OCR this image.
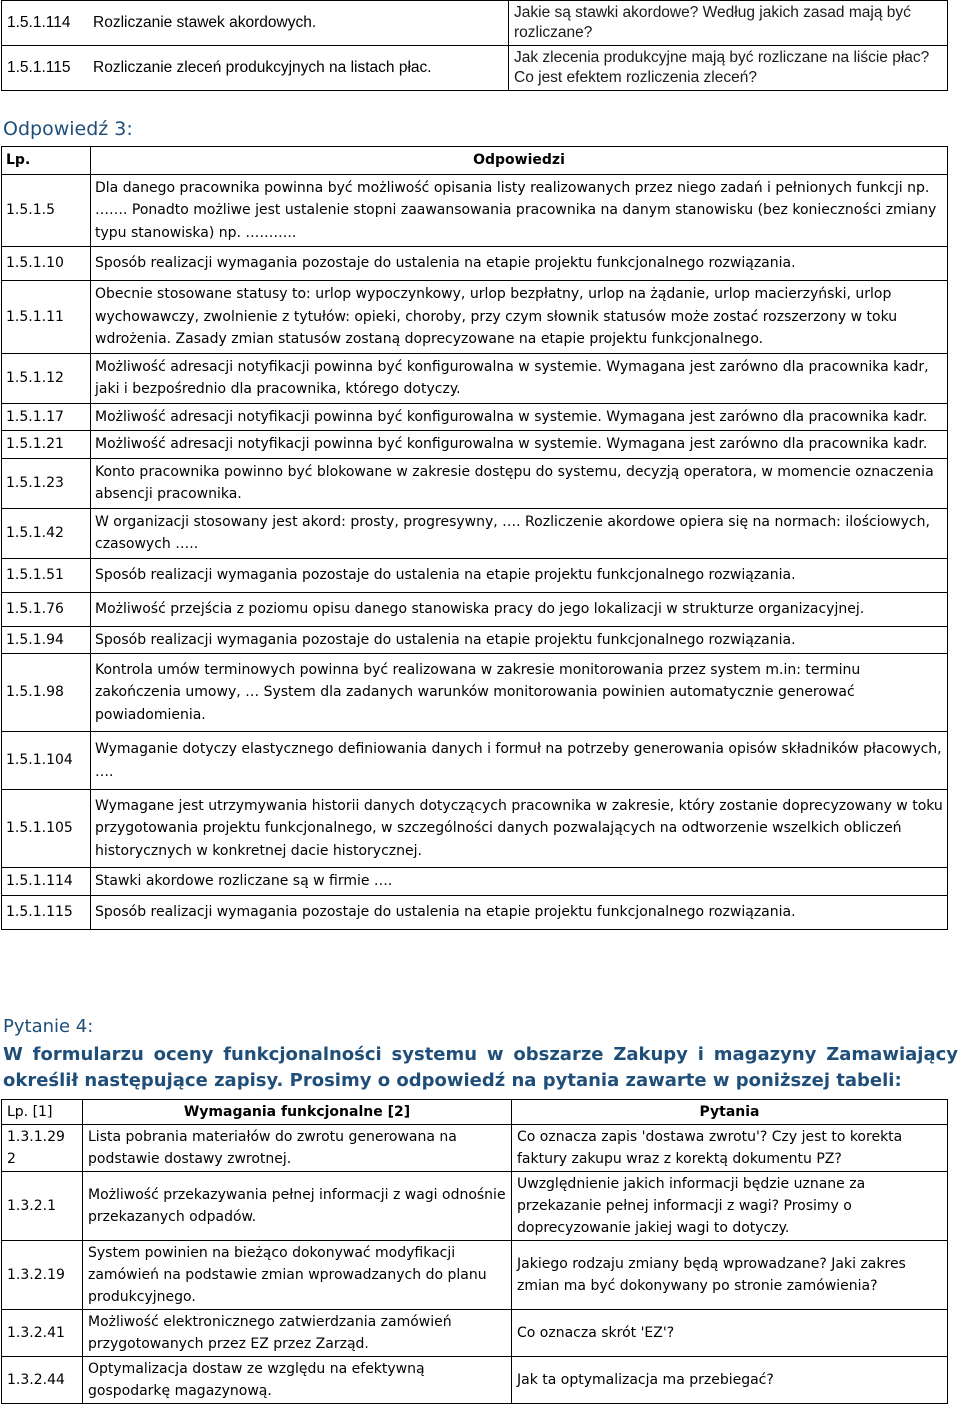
1.5.1.114	Rozliczanie stawek akordowych.	Jakie są stawki akordowe? Według jakich zasad mają być rozliczane?
1.5.1.115	Rozliczanie zleceń produkcyjnych na listach płac.	Jak zlecenia produkcyjne mają być rozliczane na liście płac? Co jest efektem rozliczenia zleceń?
Odpowiedź 3:
Lp.	Odpowiedzi
1.5.1.5	Dla danego pracownika powinna być możliwość opisania listy realizowanych przez niego zadań i pełnionych funkcji np. ……. Ponadto możliwe jest ustalenie stopni zaawansowania pracownika na danym stanowisku (bez konieczności zmiany typu stanowiska) np. ………..
1.5.1.10	Sposób realizacji wymagania pozostaje do ustalenia na etapie projektu funkcjonalnego rozwiązania.
1.5.1.11	Obecnie stosowane statusy to: urlop wypoczynkowy, urlop bezpłatny, urlop na żądanie, urlop macierzyński, urlop wychowawczy, zwolnienie z tytułów: opieki, choroby, przy czym słownik statusów może zostać rozszerzony w toku wdrożenia. Zasady zmian statusów zostaną doprecyzowane na etapie projektu funkcjonalnego.
1.5.1.12	Możliwość adresacji notyfikacji powinna być konfigurowalna w systemie. Wymagana jest zarówno dla pracownika kadr, jaki i bezpośrednio dla pracownika, którego dotyczy.
1.5.1.17	Możliwość adresacji notyfikacji powinna być konfigurowalna w systemie. Wymagana jest zarówno dla pracownika kadr.
1.5.1.21	Możliwość adresacji notyfikacji powinna być konfigurowalna w systemie. Wymagana jest zarówno dla pracownika kadr.
1.5.1.23	Konto pracownika powinno być blokowane w zakresie dostępu do systemu, decyzją operatora, w momencie oznaczenia absencji pracownika.
1.5.1.42	W organizacji stosowany jest akord: prosty, progresywny, …. Rozliczenie akordowe opiera się na normach: ilościowych, czasowych …..
1.5.1.51	Sposób realizacji wymagania pozostaje do ustalenia na etapie projektu funkcjonalnego rozwiązania.
1.5.1.76	Możliwość przejścia z poziomu opisu danego stanowiska pracy do jego lokalizacji w strukturze organizacyjnej.
1.5.1.94	Sposób realizacji wymagania pozostaje do ustalenia na etapie projektu funkcjonalnego rozwiązania.
1.5.1.98	Kontrola umów terminowych powinna być realizowana w zakresie monitorowania przez system m.in: terminu zakończenia umowy, … System dla zadanych warunków monitorowania powinien automatycznie generować powiadomienia.
1.5.1.104	Wymaganie dotyczy elastycznego definiowania danych i formuł na potrzeby generowania opisów składników płacowych, ….
1.5.1.105	Wymagane jest utrzymywania historii danych dotyczących pracownika w zakresie, który zostanie doprecyzowany w toku przygotowania projektu funkcjonalnego, w szczególności danych pozwalających na odtworzenie wszelkich obliczeń historycznych w konkretnej dacie historycznej.
1.5.1.114	Stawki akordowe rozliczane są w firmie ….
1.5.1.115	Sposób realizacji wymagania pozostaje do ustalenia na etapie projektu funkcjonalnego rozwiązania.
Pytanie 4:
W formularzu oceny funkcjonalności systemu w obszarze Zakupy i magazyny Zamawiający określił następujące zapisy. Prosimy o odpowiedź na pytania zawarte w poniższej tabeli:
Lp. [1]	Wymagania funkcjonalne [2]	Pytania
1.3.1.29 2	Lista pobrania materiałów do zwrotu generowana na podstawie dostawy zwrotnej.	Co oznacza zapis 'dostawa zwrotu'? Czy jest to korekta faktury zakupu wraz z korektą dokumentu PZ?
1.3.2.1	Możliwość przekazywania pełnej informacji z wagi odnośnie przekazanych odpadów.	Uwzględnienie jakich informacji będzie uznane za przekazanie pełnej informacji z wagi? Prosimy o doprecyzowanie jakiej wagi to dotyczy.
1.3.2.19	System powinien na bieżąco dokonywać modyfikacji zamówień na podstawie zmian wprowadzanych do planu produkcyjnego.	Jakiego rodzaju zmiany będą wprowadzane? Jaki zakres zmian ma być dokonywany po stronie zamówienia?
1.3.2.41	Możliwość elektronicznego zatwierdzania zamówień przygotowanych przez EZ przez Zarząd.	Co oznacza skrót 'EZ'?
1.3.2.44	Optymalizacja dostaw ze względu na efektywną gospodarkę magazynową.	Jak ta optymalizacja ma przebiegać?
